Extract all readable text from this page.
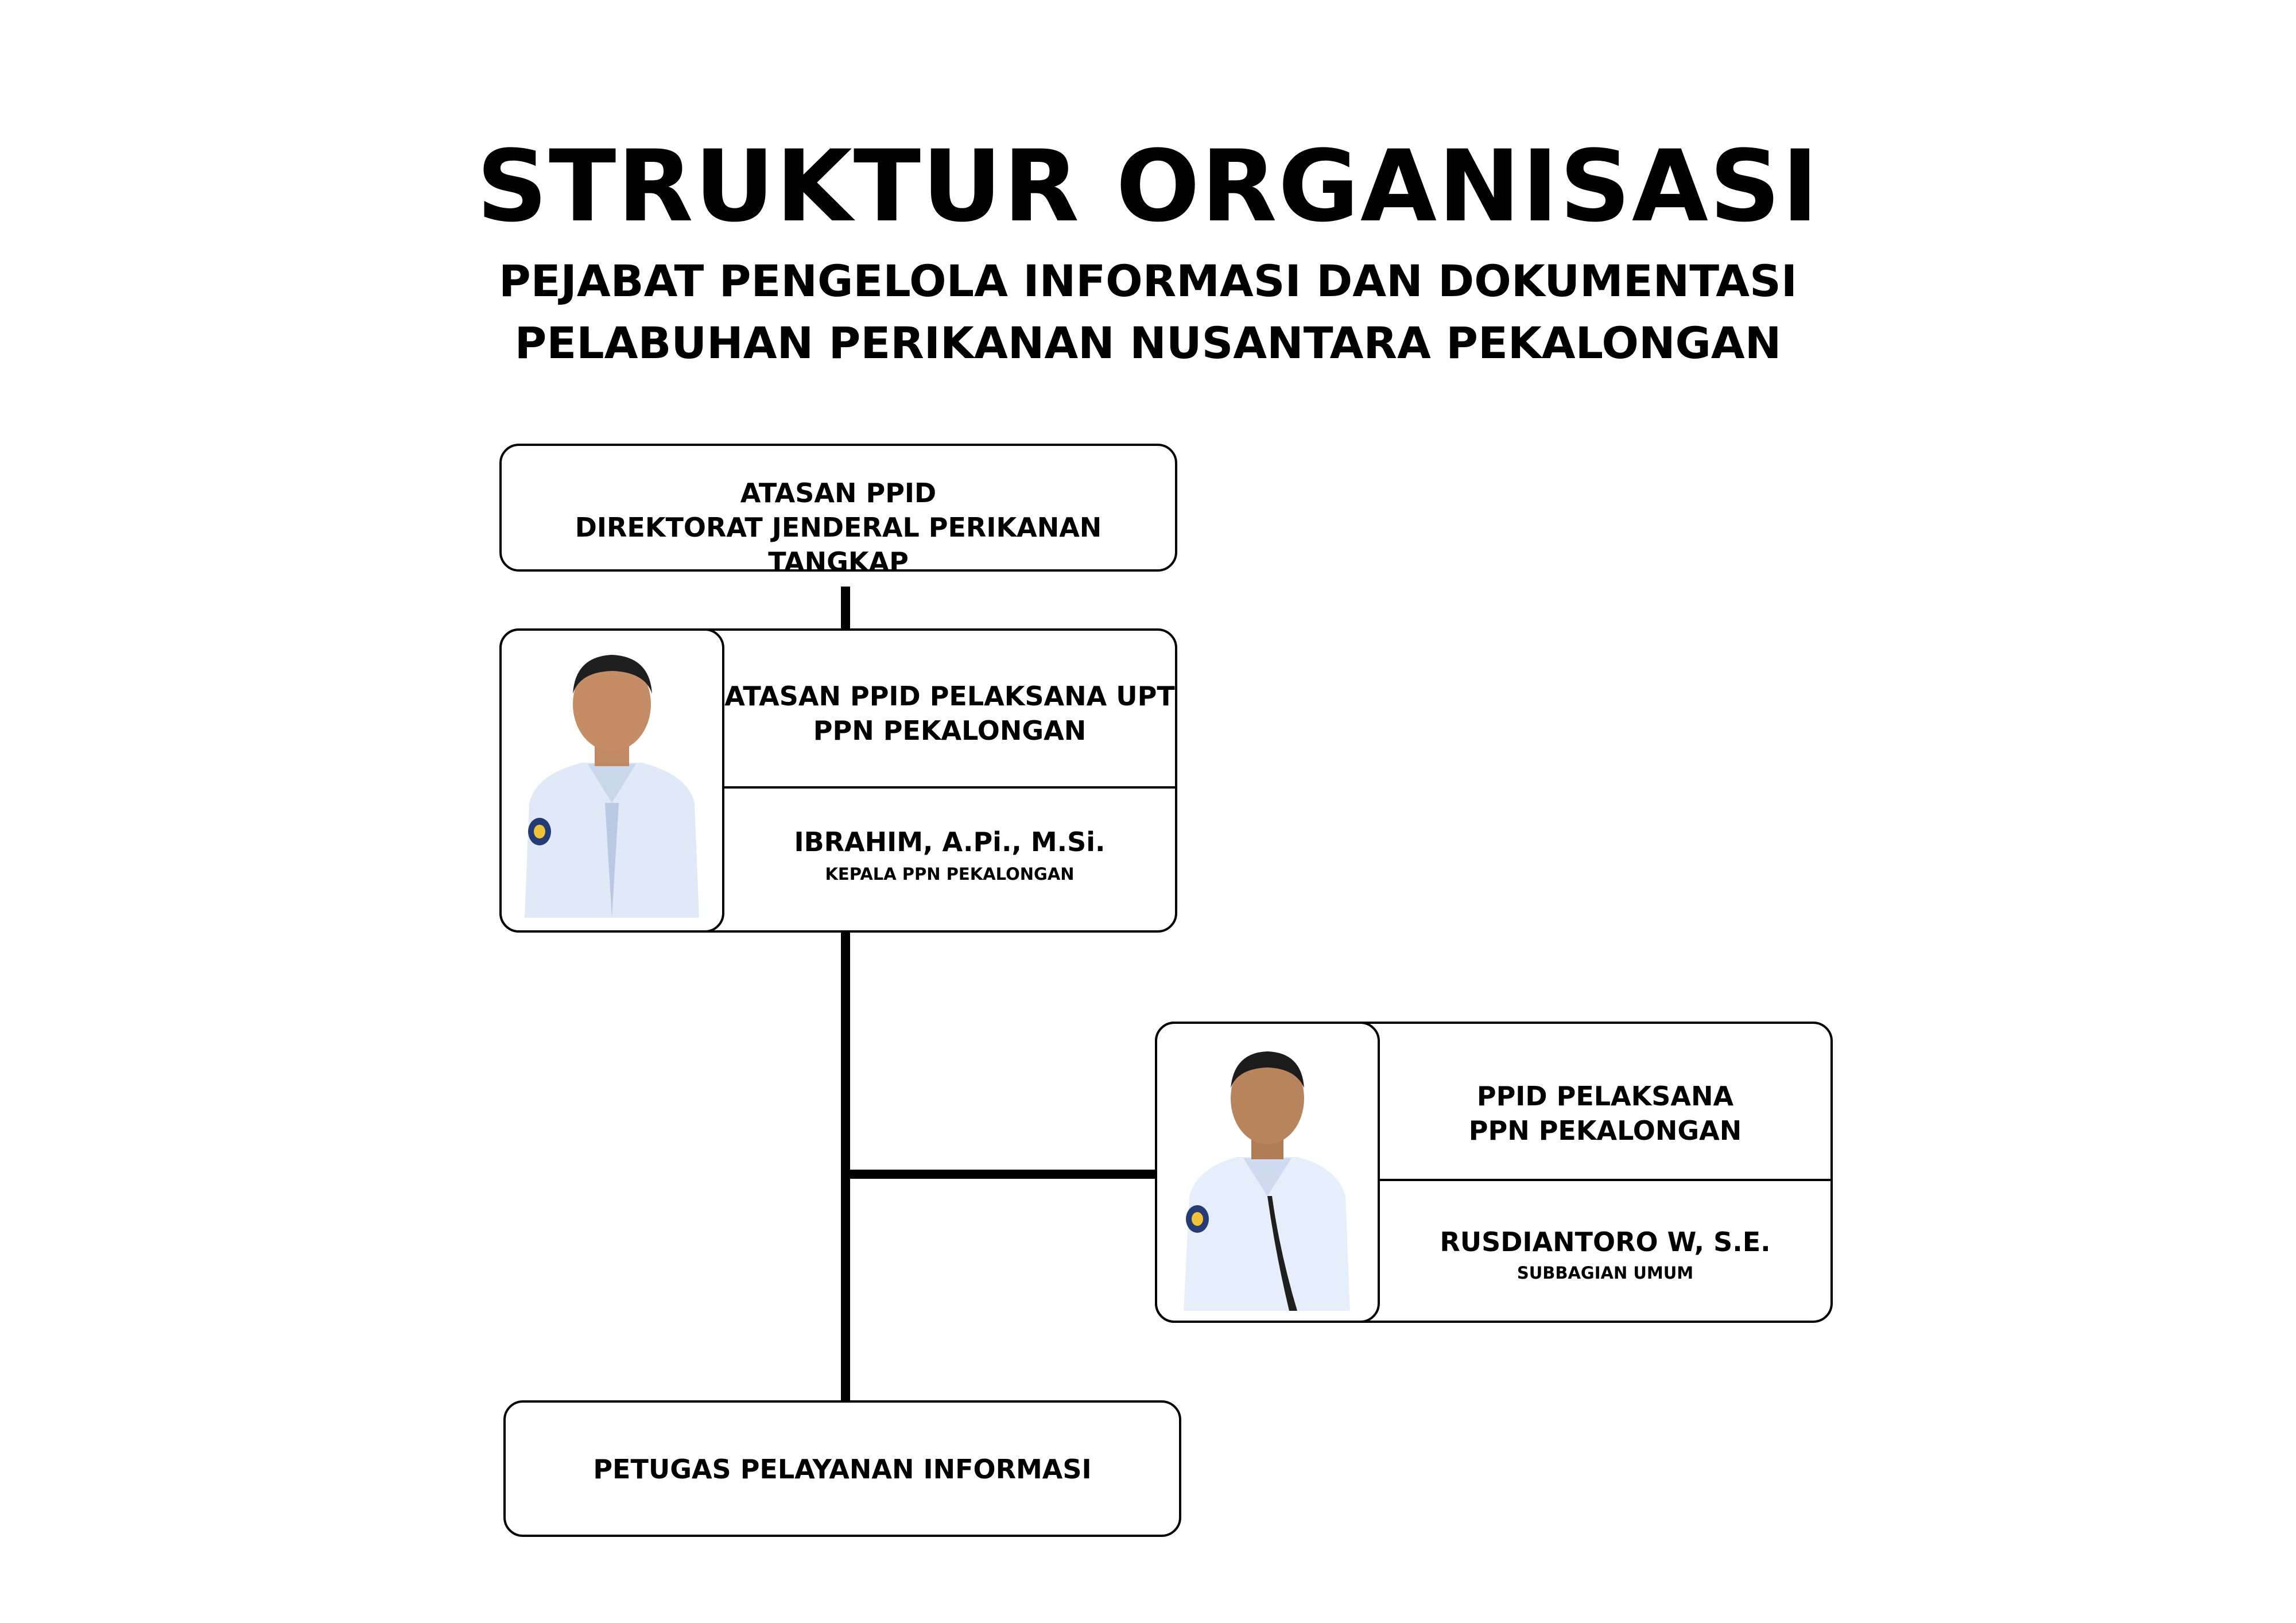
STRUKTUR ORGANISASI
PEJABAT PENGELOLA INFORMASI DAN DOKUMENTASI
PELABUHAN PERIKANAN NUSANTARA PEKALONGAN
ATASAN PPID
DIREKTORAT JENDERAL PERIKANAN TANGKAP
ATASAN PPID PELAKSANA UPT
PPN PEKALONGAN
IBRAHIM, A.Pi., M.Si.
KEPALA PPN PEKALONGAN
PPID PELAKSANA
PPN PEKALONGAN
RUSDIANTORO W, S.E.
SUBBAGIAN UMUM
PETUGAS PELAYANAN INFORMASI
